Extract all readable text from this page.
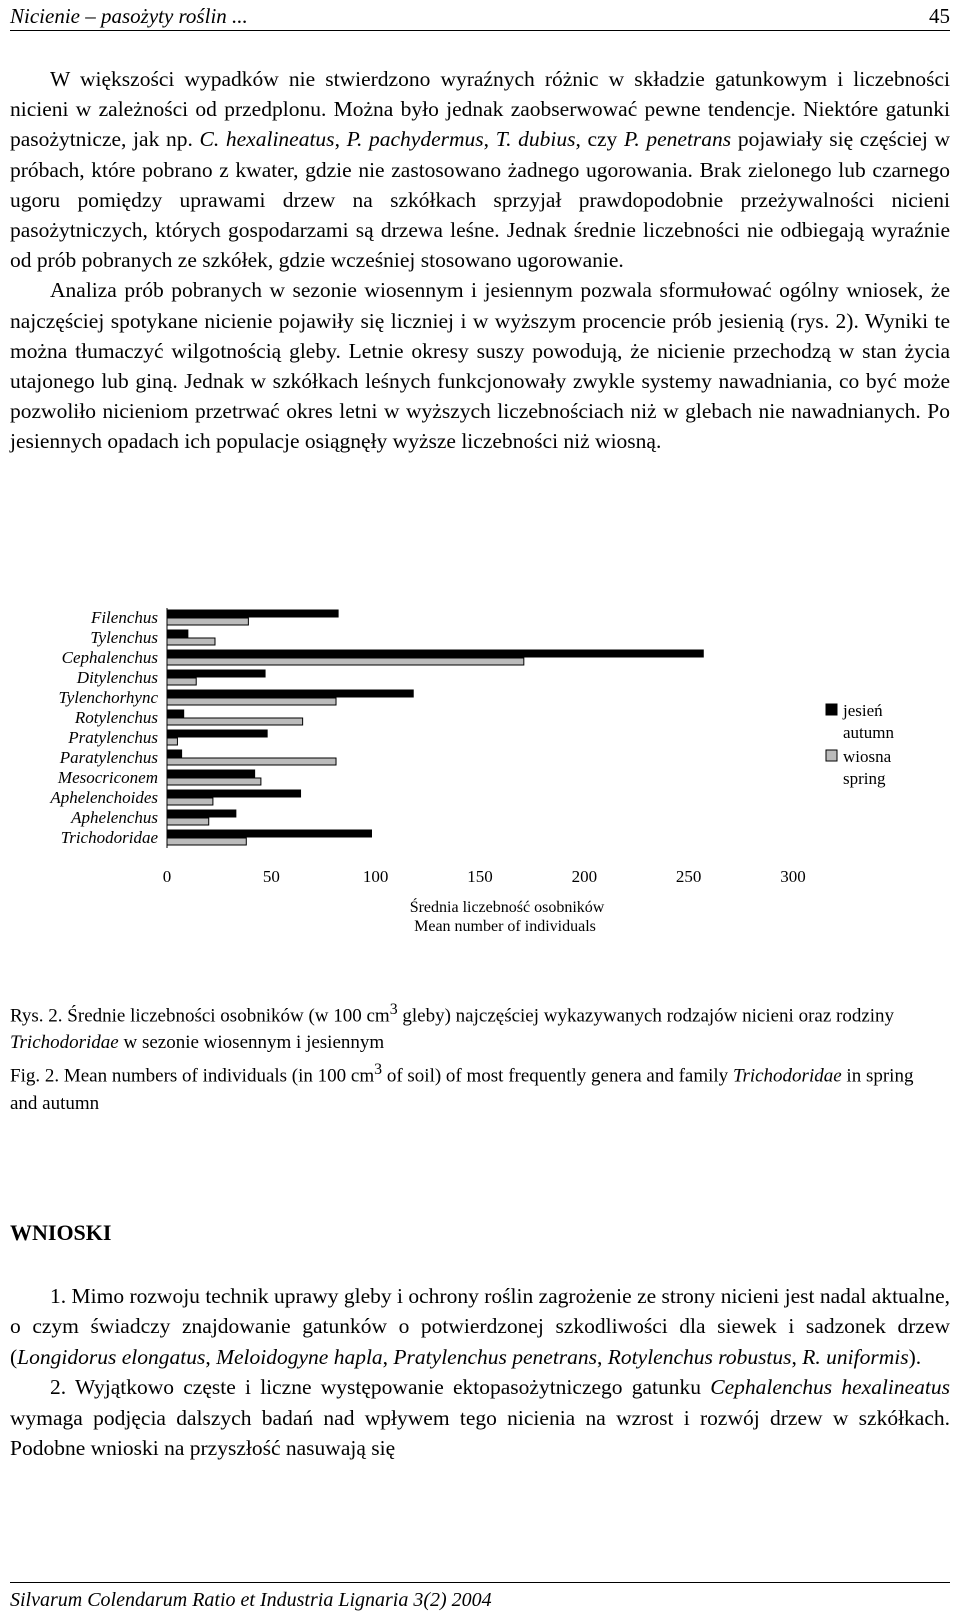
Nicienie – pasożyty roślin ...	45

W większości wypadków nie stwierdzono wyraźnych różnic w składzie gatunkowym i liczebności nicieni w zależności od przedplonu. Można było jednak zaobserwować pewne tendencje. Niektóre gatunki pasożytnicze, jak np. C. hexalineatus, P. pachydermus, T. dubius, czy P. penetrans pojawiały się częściej w próbach, które pobrano z kwater, gdzie nie zastosowano żadnego ugorowania. Brak zielonego lub czarnego ugoru pomiędzy uprawami drzew na szkółkach sprzyjał prawdopodobnie przeżywalności nicieni pasożytniczych, których gospodarzami są drzewa leśne. Jednak średnie liczebności nie odbiegają wyraźnie od prób pobranych ze szkółek, gdzie wcześniej stosowano ugorowanie.

Analiza prób pobranych w sezonie wiosennym i jesiennym pozwala sformułować ogólny wniosek, że najczęściej spotykane nicienie pojawiły się liczniej i w wyższym procencie prób jesienią (rys. 2). Wyniki te można tłumaczyć wilgotnością gleby. Letnie okresy suszy powodują, że nicienie przechodzą w stan życia utajonego lub giną. Jednak w szkółkach leśnych funkcjonowały zwykle systemy nawadniania, co być może pozwoliło nicieniom przetrwać okres letni w wyższych liczebnościach niż w glebach nie nawadnianych. Po jesiennych opadach ich populacje osiągnęły wyższe liczebności niż wiosną.

Filenchus
Tylenchus
Cephalenchus
Ditylenchus
Tylenchorhync
Rotylenchus
Pratylenchus
Paratylenchus
Mesocriconem
Aphelenchoides
Aphelenchus
Trichodoridae
0	50	100	150	200	250	300
Średnia liczebność osobników
Mean number of individuals
jesień
autumn
wiosna
spring

Rys. 2. Średnie liczebności osobników (w 100 $cm^3$ gleby) najczęściej wykazywanych rodzajów nicieni oraz rodziny Trichodoridae w sezonie wiosennym i jesiennym

Fig. 2. Mean numbers of individuals (in 100 $cm^3$ of soil) of most frequently genera and family Trichodoridae in spring and autumn

WNIOSKI

1. Mimo rozwoju technik uprawy gleby i ochrony roślin zagrożenie ze strony nicieni jest nadal aktualne, o czym świadczy znajdowanie gatunków o potwierdzonej szkodliwości dla siewek i sadzonek drzew (Longidorus elongatus, Meloidogyne hapla, Pratylenchus penetrans, Rotylenchus robustus, R. uniformis).

2. Wyjątkowo częste i liczne występowanie ektopasożytniczego gatunku Cephalenchus hexalineatus wymaga podjęcia dalszych badań nad wpływem tego nicienia na wzrost i rozwój drzew w szkółkach. Podobne wnioski na przyszłość nasuwają się

Silvarum Colendarum Ratio et Industria Lignaria 3(2) 2004
